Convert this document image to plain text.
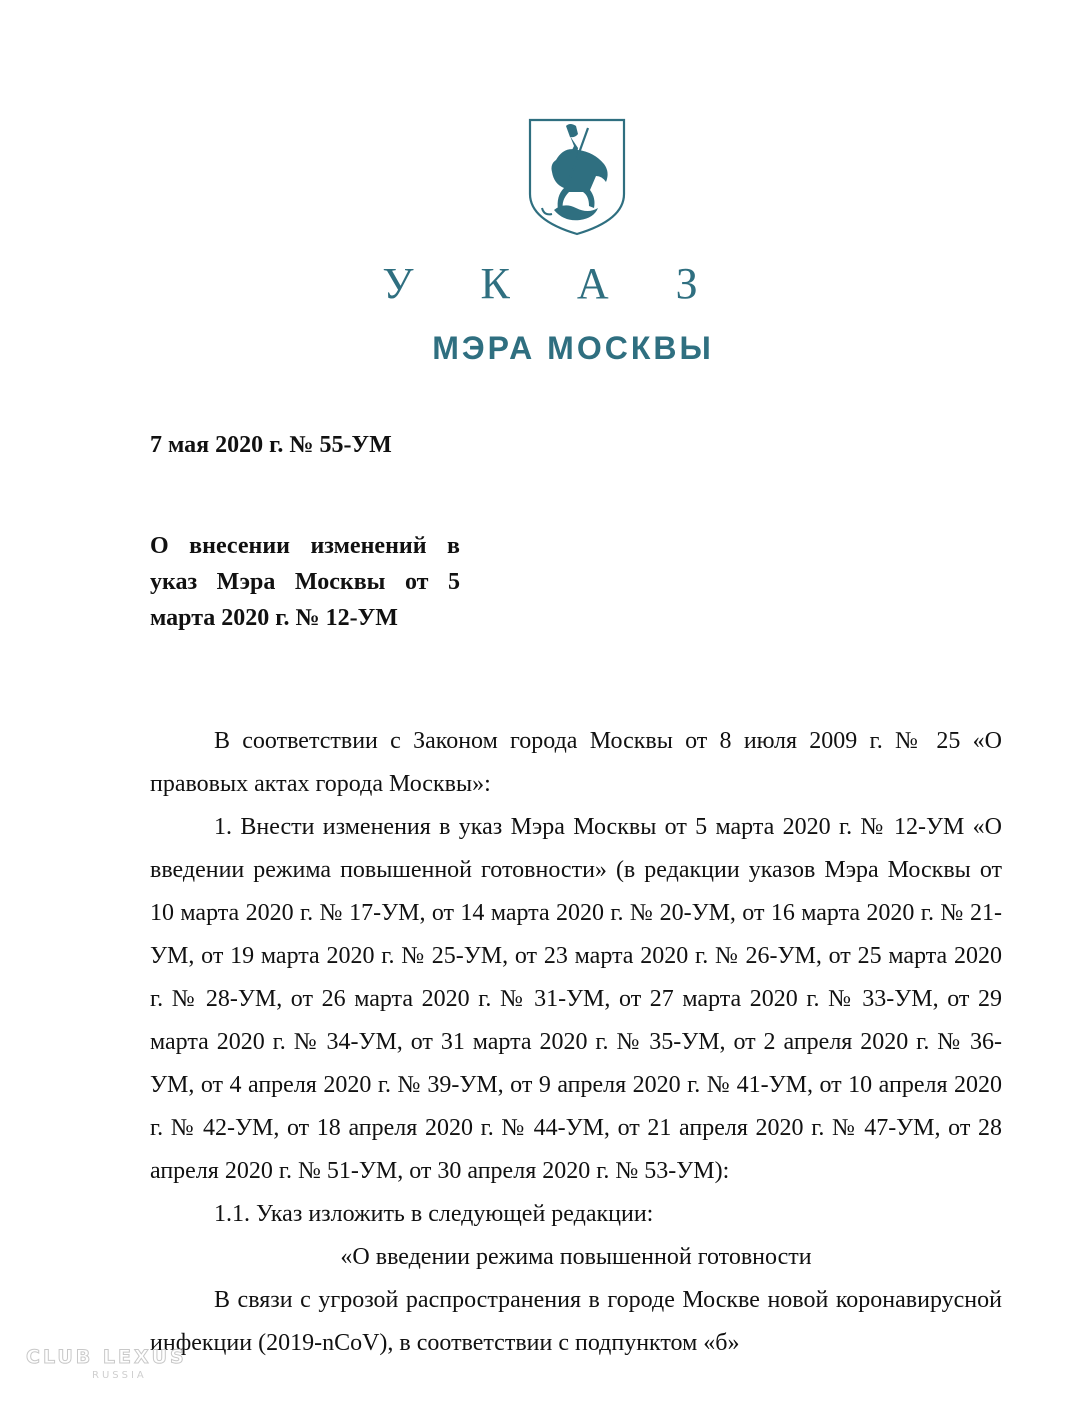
У К А З
МЭРА МОСКВЫ
7 мая 2020 г. № 55-УМ
О внесении изменений в
указ Мэра Москвы от 5
марта 2020 г. № 12-УМ

В соответствии с Законом города Москвы от 8 июля 2009 г. № 25 «О правовых актах города Москвы»:

1. Внести изменения в указ Мэра Москвы от 5 марта 2020 г. № 12-УМ «О введении режима повышенной готовности» (в редакции указов Мэра Москвы от 10 марта 2020 г. № 17-УМ, от 14 марта 2020 г. № 20-УМ, от 16 марта 2020 г. № 21-УМ, от 19 марта 2020 г. № 25-УМ, от 23 марта 2020 г. № 26-УМ, от 25 марта 2020 г. № 28-УМ, от 26 марта 2020 г. № 31-УМ, от 27 марта 2020 г. № 33-УМ, от 29 марта 2020 г. № 34-УМ, от 31 марта 2020 г. № 35-УМ, от 2 апреля 2020 г. № 36-УМ, от 4 апреля 2020 г. № 39-УМ, от 9 апреля 2020 г. № 41-УМ, от 10 апреля 2020 г. № 42-УМ, от 18 апреля 2020 г. № 44-УМ, от 21 апреля 2020 г. № 47-УМ, от 28 апреля 2020 г. № 51-УМ, от 30 апреля 2020 г. № 53-УМ):

1.1. Указ изложить в следующей редакции:

«О введении режима повышенной готовности

В связи с угрозой распространения в городе Москве новой коронавирусной инфекции (2019-nCoV), в соответствии с подпунктом «б»

CLUB LEXUS
RUSSIA
